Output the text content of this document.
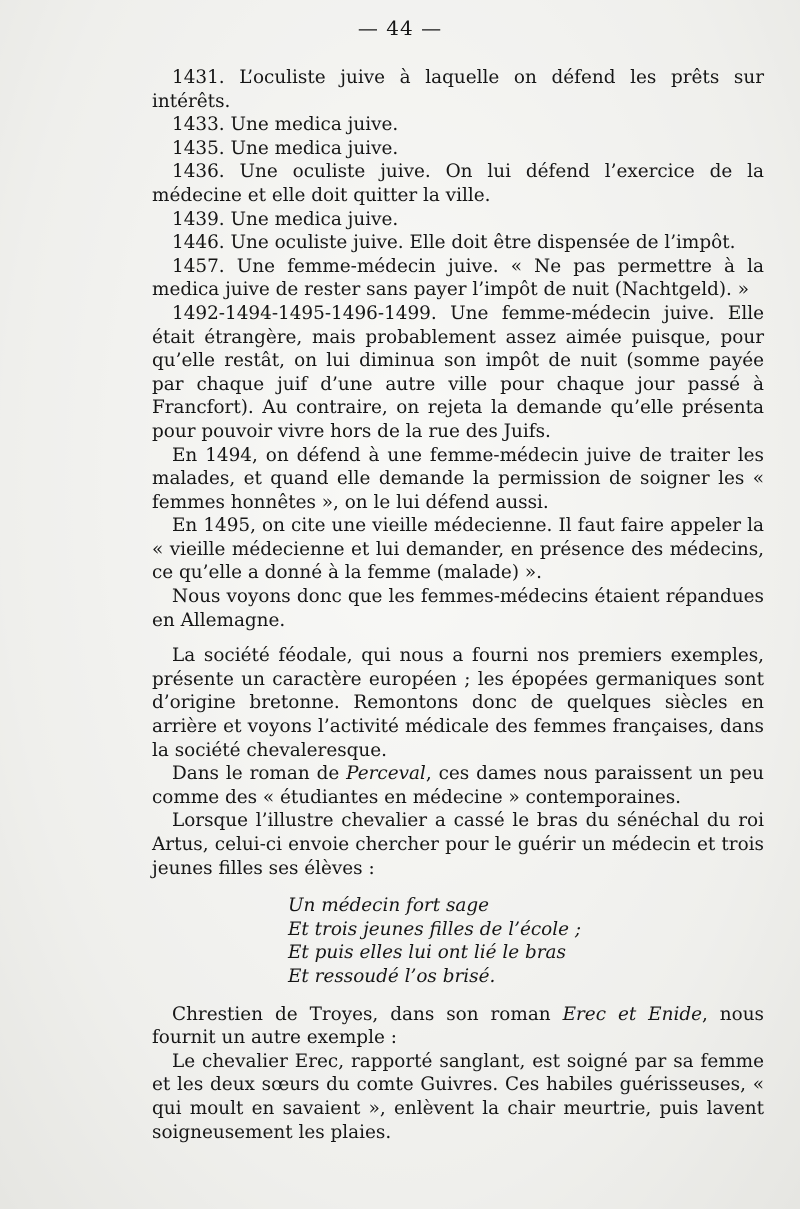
— 44 —

1431. L’oculiste juive à laquelle on défend les prêts sur intérêts.

1433. Une medica juive.

1435. Une medica juive.

1436. Une oculiste juive. On lui défend l’exercice de la médecine et elle doit quitter la ville.

1439. Une medica juive.

1446. Une oculiste juive. Elle doit être dispensée de l’impôt.

1457. Une femme-médecin juive. « Ne pas permettre à la medica juive de rester sans payer l’impôt de nuit (Nachtgeld). »

1492-1494-1495-1496-1499. Une femme-médecin juive. Elle était étrangère, mais probablement assez aimée puisque, pour qu’elle restât, on lui diminua son impôt de nuit (somme payée par chaque juif d’une autre ville pour chaque jour passé à Francfort). Au contraire, on rejeta la demande qu’elle présenta pour pouvoir vivre hors de la rue des Juifs.

En 1494, on défend à une femme-médecin juive de traiter les malades, et quand elle demande la permission de soigner les « femmes honnêtes », on le lui défend aussi.

En 1495, on cite une vieille médecienne. Il faut faire appeler la « vieille médecienne et lui demander, en présence des médecins, ce qu’elle a donné à la femme (malade) ».

Nous voyons donc que les femmes-médecins étaient répandues en Allemagne.

La société féodale, qui nous a fourni nos premiers exemples, présente un caractère européen ; les épopées germaniques sont d’origine bretonne. Remontons donc de quelques siècles en arrière et voyons l’activité médicale des femmes françaises, dans la société chevaleresque.

Dans le roman de Perceval, ces dames nous paraissent un peu comme des « étudiantes en médecine » contemporaines.

Lorsque l’illustre chevalier a cassé le bras du sénéchal du roi Artus, celui-ci envoie chercher pour le guérir un médecin et trois jeunes filles ses élèves :

Un médecin fort sage
Et trois jeunes filles de l’école ;
Et puis elles lui ont lié le bras
Et ressoudé l’os brisé.

Chrestien de Troyes, dans son roman Erec et Enide, nous fournit un autre exemple :

Le chevalier Erec, rapporté sanglant, est soigné par sa femme et les deux sœurs du comte Guivres. Ces habiles guérisseuses, « qui moult en savaient », enlèvent la chair meurtrie, puis lavent soigneusement les plaies.
